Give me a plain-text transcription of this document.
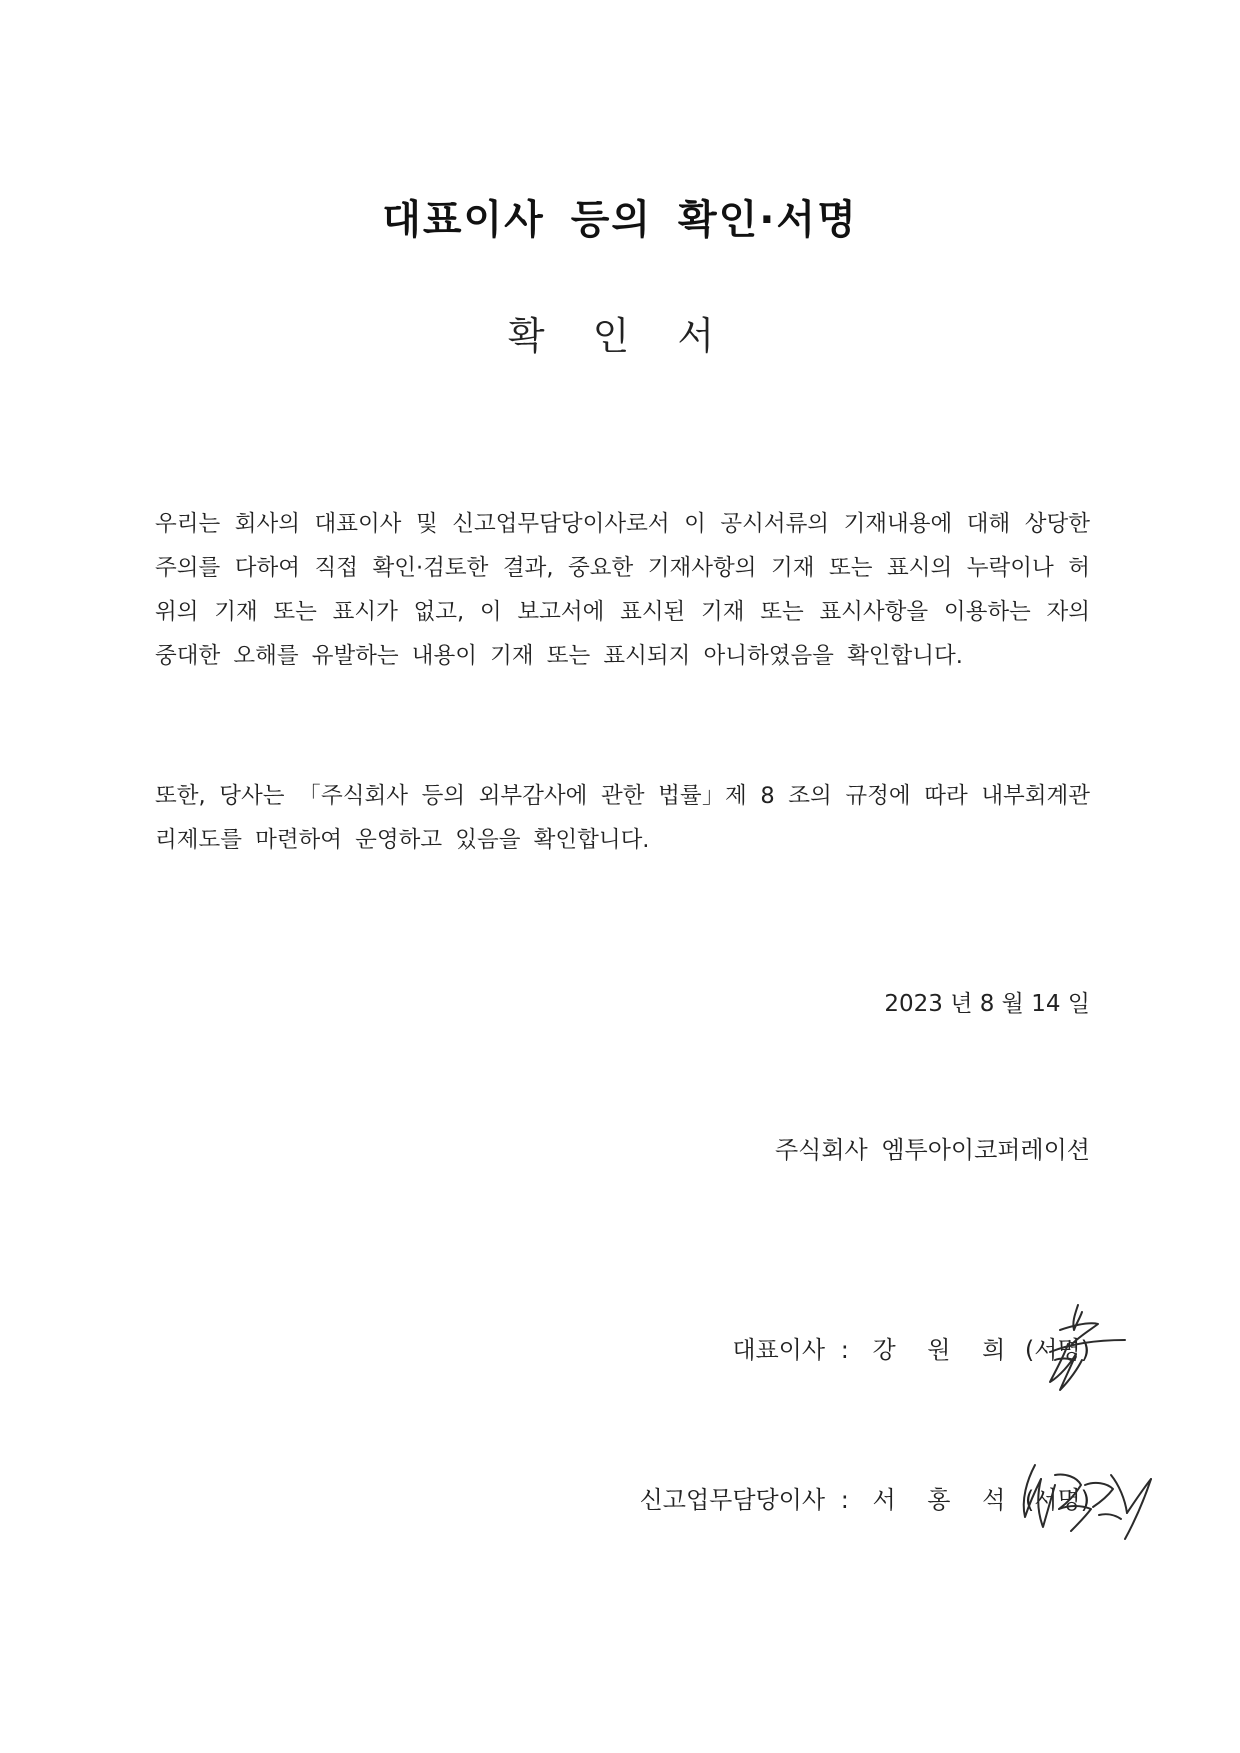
대표이사 등의 확인·서명
확 인 서

우리는 회사의 대표이사 및 신고업무담당이사로서 이 공시서류의 기재내용에 대해 상당한 주의를 다하여 직접 확인·검토한 결과, 중요한 기재사항의 기재 또는 표시의 누락이나 허위의 기재 또는 표시가 없고, 이 보고서에 표시된 기재 또는 표시사항을 이용하는 자의 중대한 오해를 유발하는 내용이 기재 또는 표시되지 아니하였음을 확인합니다.

또한, 당사는 「주식회사 등의 외부감사에 관한 법률」제 8 조의 규정에 따라 내부회계관리제도를 마련하여 운영하고 있음을 확인합니다.

2023 년 8 월 14 일
주식회사 엠투아이코퍼레이션
대표이사 : 강 원 희 (서명)
신고업무담당이사 : 서 홍 석 (서명)
